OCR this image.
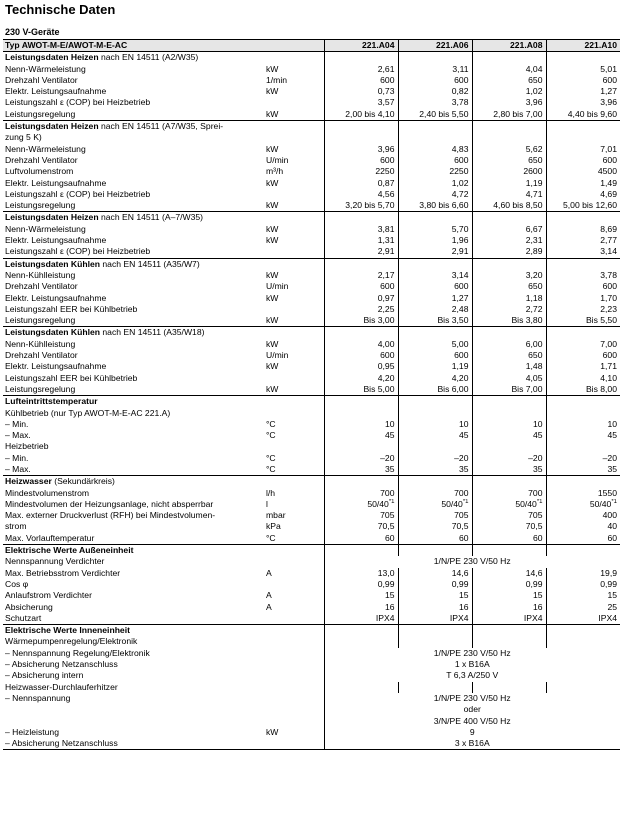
Technische Daten
230 V-Geräte
Typ AWOT-M-E/AWOT-M-E-AC		221.A04	221.A06	221.A08	221.A10
Leistungsdaten Heizen nach EN 14511 (A2/W35)					
Nenn-Wärmeleistung	kW	2,61	3,11	4,04	5,01
Drehzahl Ventilator	1/min	600	600	650	600
Elektr. Leistungsaufnahme	kW	0,73	0,82	1,02	1,27
Leistungszahl ε (COP) bei Heizbetrieb		3,57	3,78	3,96	3,96
Leistungsregelung	kW	2,00 bis 4,10	2,40 bis 5,50	2,80 bis 7,00	4,40 bis 9,60
Leistungsdaten Heizen nach EN 14511 (A7/W35, Sprei-					
zung 5 K)					
Nenn-Wärmeleistung	kW	3,96	4,83	5,62	7,01
Drehzahl Ventilator	U/min	600	600	650	600
Luftvolumenstrom	m³/h	2250	2250	2600	4500
Elektr. Leistungsaufnahme	kW	0,87	1,02	1,19	1,49
Leistungszahl ε (COP) bei Heizbetrieb		4,56	4,72	4,71	4,69
Leistungsregelung	kW	3,20 bis 5,70	3,80 bis 6,60	4,60 bis 8,50	5,00 bis 12,60
Leistungsdaten Heizen nach EN 14511 (A–7/W35)					
Nenn-Wärmeleistung	kW	3,81	5,70	6,67	8,69
Elektr. Leistungsaufnahme	kW	1,31	1,96	2,31	2,77
Leistungszahl ε (COP) bei Heizbetrieb		2,91	2,91	2,89	3,14
Leistungsdaten Kühlen nach EN 14511 (A35/W7)					
Nenn-Kühlleistung	kW	2,17	3,14	3,20	3,78
Drehzahl Ventilator	U/min	600	600	650	600
Elektr. Leistungsaufnahme	kW	0,97	1,27	1,18	1,70
Leistungszahl EER bei Kühlbetrieb		2,25	2,48	2,72	2,23
Leistungsregelung	kW	Bis 3,00	Bis 3,50	Bis 3,80	Bis 5,50
Leistungsdaten Kühlen nach EN 14511 (A35/W18)					
Nenn-Kühlleistung	kW	4,00	5,00	6,00	7,00
Drehzahl Ventilator	U/min	600	600	650	600
Elektr. Leistungsaufnahme	kW	0,95	1,19	1,48	1,71
Leistungszahl EER bei Kühlbetrieb		4,20	4,20	4,05	4,10
Leistungsregelung	kW	Bis 5,00	Bis 6,00	Bis 7,00	Bis 8,00
Lufteintrittstemperatur					
Kühlbetrieb (nur Typ AWOT-M-E-AC 221.A)					
– Min.	°C	10	10	10	10
– Max.	°C	45	45	45	45
Heizbetrieb					
– Min.	°C	–20	–20	–20	–20
– Max.	°C	35	35	35	35
Heizwasser (Sekundärkreis)					
Mindestvolumenstrom	l/h	700	700	700	1550
Mindestvolumen der Heizungsanlage, nicht absperrbar	l	50/40$^{*1}$	50/40$^{*1}$	50/40$^{*1}$	50/40$^{*1}$
Max. externer Druckverlust (RFH) bei Mindestvolumen-	mbar	705	705	705	400
strom	kPa	70,5	70,5	70,5	40
Max. Vorlauftemperatur	°C	60	60	60	60
Elektrische Werte Außeneinheit					
Nennspannung Verdichter		1/N/PE 230 V/50 Hz			
Max. Betriebsstrom Verdichter	A	13,0	14,6	14,6	19,9
Cos φ		0,99	0,99	0,99	0,99
Anlaufstrom Verdichter	A	15	15	15	15
Absicherung	A	16	16	16	25
Schutzart		IPX4	IPX4	IPX4	IPX4
Elektrische Werte Inneneinheit					
Wärmepumpenregelung/Elektronik					
– Nennspannung Regelung/Elektronik		1/N/PE 230 V/50 Hz			
– Absicherung Netzanschluss		1 x B16A			
– Absicherung intern		T 6,3 A/250 V			
Heizwasser-Durchlauferhitzer					
– Nennspannung		1/N/PE 230 V/50 Hz			
		oder			
		3/N/PE 400 V/50 Hz			
– Heizleistung	kW	9			
– Absicherung Netzanschluss		3 x B16A			
